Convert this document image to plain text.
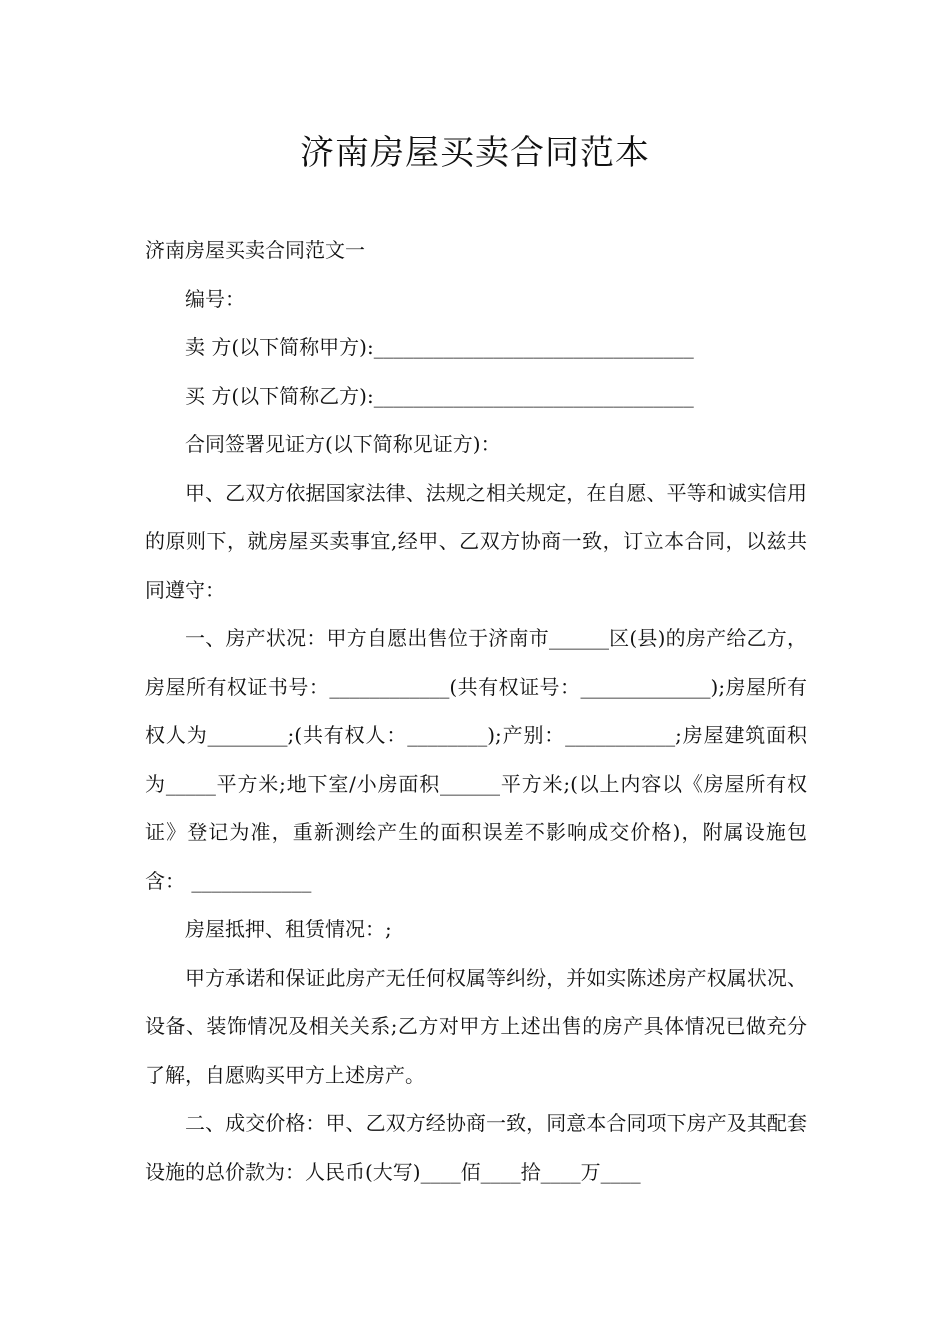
济南房屋买卖合同范本

济南房屋买卖合同范文一

编号：

卖 方(以下简称甲方):________________________________

买 方(以下简称乙方):________________________________

合同签署见证方(以下简称见证方)：

甲、乙双方依据国家法律、法规之相关规定，在自愿、平等和诚实信用的原则下，就房屋买卖事宜,经甲、乙双方协商一致，订立本合同，以兹共同遵守：

一、房产状况：甲方自愿出售位于济南市______区(县)的房产给乙方，房屋所有权证书号：____________(共有权证号：_____________);房屋所有权人为________;(共有权人：________);产别：___________;房屋建筑面积为_____平方米;地下室/小房面积______平方米;(以上内容以《房屋所有权证》登记为准，重新测绘产生的面积误差不影响成交价格)，附属设施包含： ____________

房屋抵押、租赁情况：;

甲方承诺和保证此房产无任何权属等纠纷，并如实陈述房产权属状况、设备、装饰情况及相关关系;乙方对甲方上述出售的房产具体情况已做充分了解，自愿购买甲方上述房产。

二、成交价格：甲、乙双方经协商一致，同意本合同项下房产及其配套设施的总价款为：人民币(大写)____佰____拾____万____
